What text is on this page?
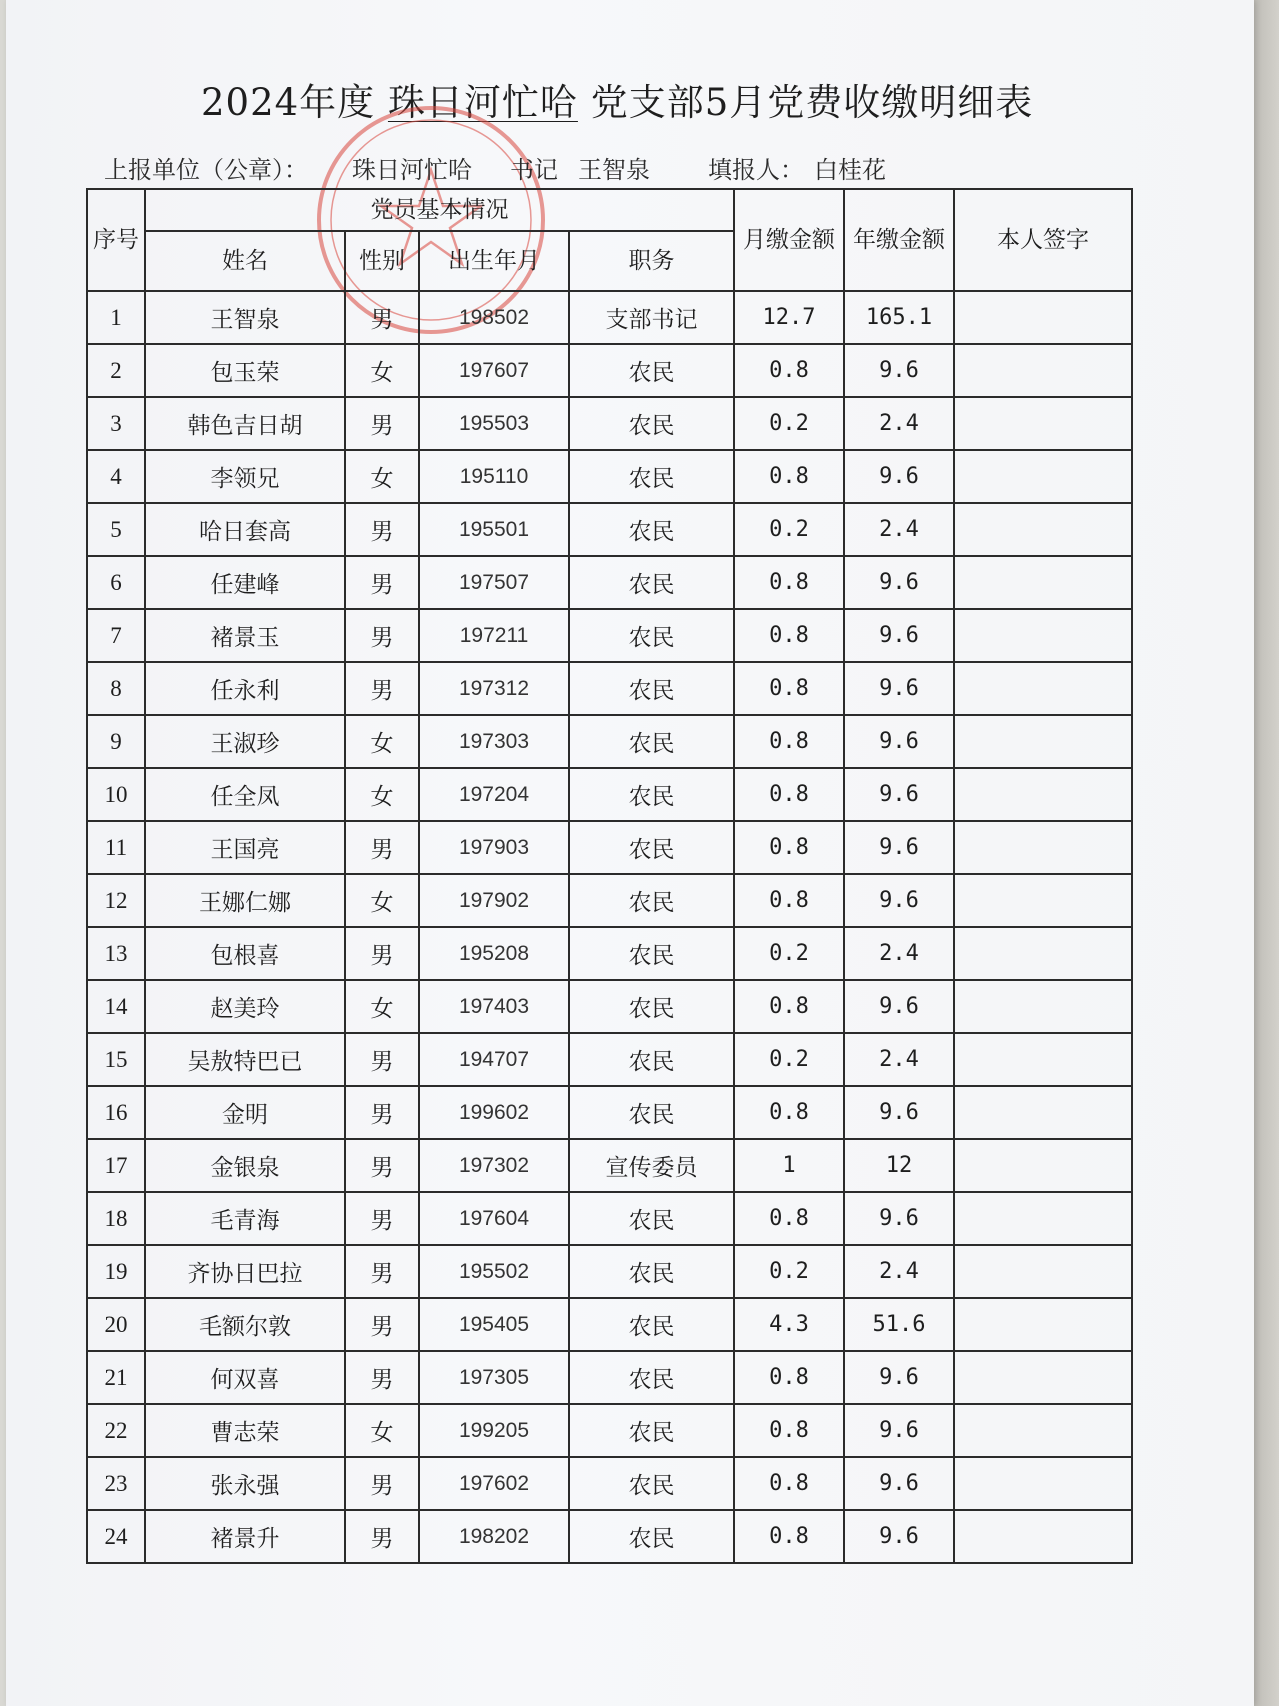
2024年度 珠日河忙哈 党支部5月党费收缴明细表
上报单位（公章）： 珠日河忙哈 书记 王智泉 填报人： 白桂花
序号	党员基本情况				月缴金额	年缴金额	本人签字
	姓名	性别	出生年月	职务			
1	王智泉	男	198502	支部书记	12.7	165.1	
2	包玉荣	女	197607	农民	0.8	9.6	
3	韩色吉日胡	男	195503	农民	0.2	2.4	
4	李领兄	女	195110	农民	0.8	9.6	
5	哈日套高	男	195501	农民	0.2	2.4	
6	任建峰	男	197507	农民	0.8	9.6	
7	褚景玉	男	197211	农民	0.8	9.6	
8	任永利	男	197312	农民	0.8	9.6	
9	王淑珍	女	197303	农民	0.8	9.6	
10	任全凤	女	197204	农民	0.8	9.6	
11	王国亮	男	197903	农民	0.8	9.6	
12	王娜仁娜	女	197902	农民	0.8	9.6	
13	包根喜	男	195208	农民	0.2	2.4	
14	赵美玲	女	197403	农民	0.8	9.6	
15	吴敖特巴已	男	194707	农民	0.2	2.4	
16	金明	男	199602	农民	0.8	9.6	
17	金银泉	男	197302	宣传委员	1	12	
18	毛青海	男	197604	农民	0.8	9.6	
19	齐协日巴拉	男	195502	农民	0.2	2.4	
20	毛额尔敦	男	195405	农民	4.3	51.6	
21	何双喜	男	197305	农民	0.8	9.6	
22	曹志荣	女	199205	农民	0.8	9.6	
23	张永强	男	197602	农民	0.8	9.6	
24	褚景升	男	198202	农民	0.8	9.6	
